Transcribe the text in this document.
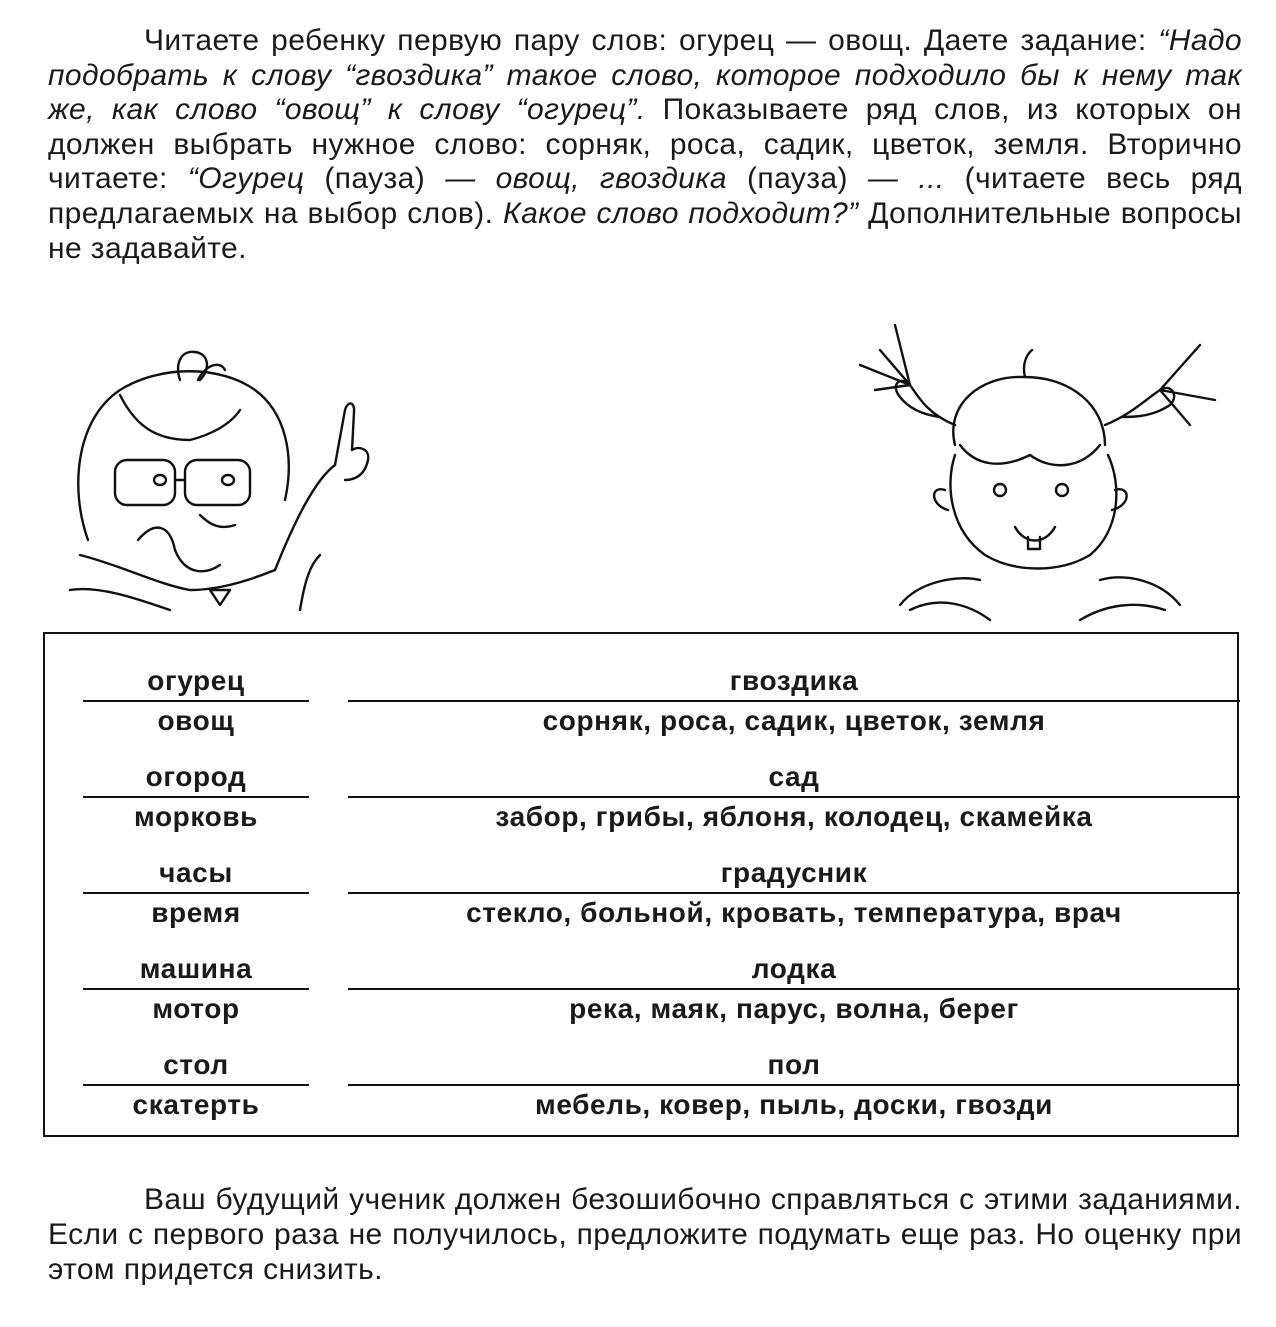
Читаете ребенку первую пару слов: огурец — овощ. Даете задание: “Надо подобрать к слову “гвоздика” такое слово, которое подходило бы к нему так же, как слово “овощ” к слову “огурец”. Показываете ряд слов, из которых он должен выбрать нужное слово: сорняк, роса, садик, цветок, земля. Вторично читаете: “Огурец (пауза) — овощ, гвоздика (пауза) — ... (читаете весь ряд предлагаемых на выбор слов). Какое слово подходит?” Дополнительные вопросы не задавайте.

огурец
овощ
гвоздика
сорняк, роса, садик, цветок, земля
огород
морковь
сад
забор, грибы, яблоня, колодец, скамейка
часы
время
градусник
стекло, больной, кровать, температура, врач
машина
мотор
лодка
река, маяк, парус, волна, берег
стол
скатерть
пол
мебель, ковер, пыль, доски, гвозди

Ваш будущий ученик должен безошибочно справляться с этими заданиями. Если с первого раза не получилось, предложите подумать еще раз. Но оценку при этом придется снизить.
